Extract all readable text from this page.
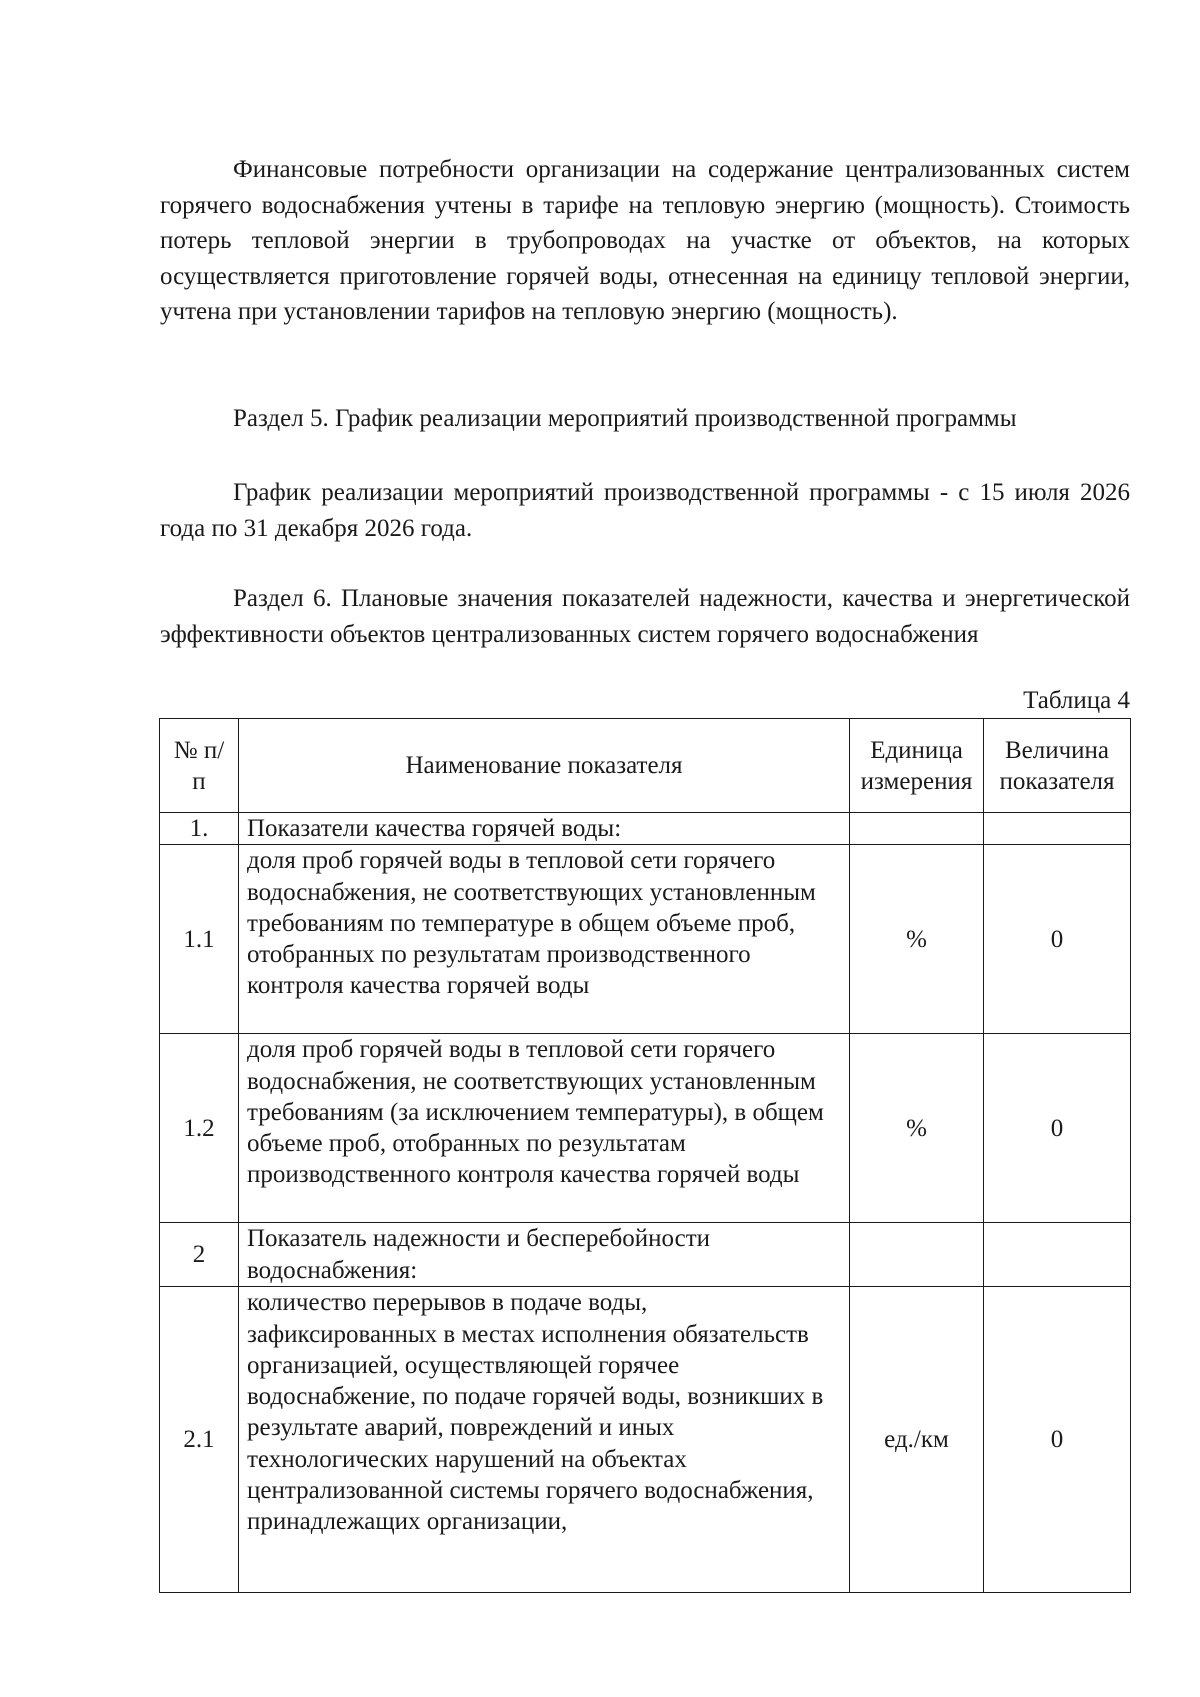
Финансовые потребности организации на содержание централизованных систем горячего водоснабжения учтены в тарифе на тепловую энергию (мощность). Стоимость потерь тепловой энергии в трубопроводах на участке от объектов, на которых осуществляется приготовление горячей воды, отнесенная на единицу тепловой энергии, учтена при установлении тарифов на тепловую энергию (мощность).

Раздел 5. График реализации мероприятий производственной программы

График реализации мероприятий производственной программы - с 15 июля 2026 года по 31 декабря 2026 года.

Раздел 6. Плановые значения показателей надежности, качества и энергетической эффективности объектов централизованных систем горячего водоснабжения

Таблица 4
№ п/п	Наименование показателя	Единица измерения	Величина показателя
1.	Показатели качества горячей воды:		
1.1	доля проб горячей воды в тепловой сети горячего водоснабжения, не соответствующих установленным требованиям по температуре в общем объеме проб, отобранных по результатам производственного контроля качества горячей воды	%	0
1.2	доля проб горячей воды в тепловой сети горячего водоснабжения, не соответствующих установленным требованиям (за исключением температуры), в общем объеме проб, отобранных по результатам производственного контроля качества горячей воды	%	0
2	Показатель надежности и бесперебойности водоснабжения:		
2.1	количество перерывов в подаче воды, зафиксированных в местах исполнения обязательств организацией, осуществляющей горячее водоснабжение, по подаче горячей воды, возникших в результате аварий, повреждений и иных технологических нарушений на объектах централизованной системы горячего водоснабжения, принадлежащих организации,	ед./км	0
